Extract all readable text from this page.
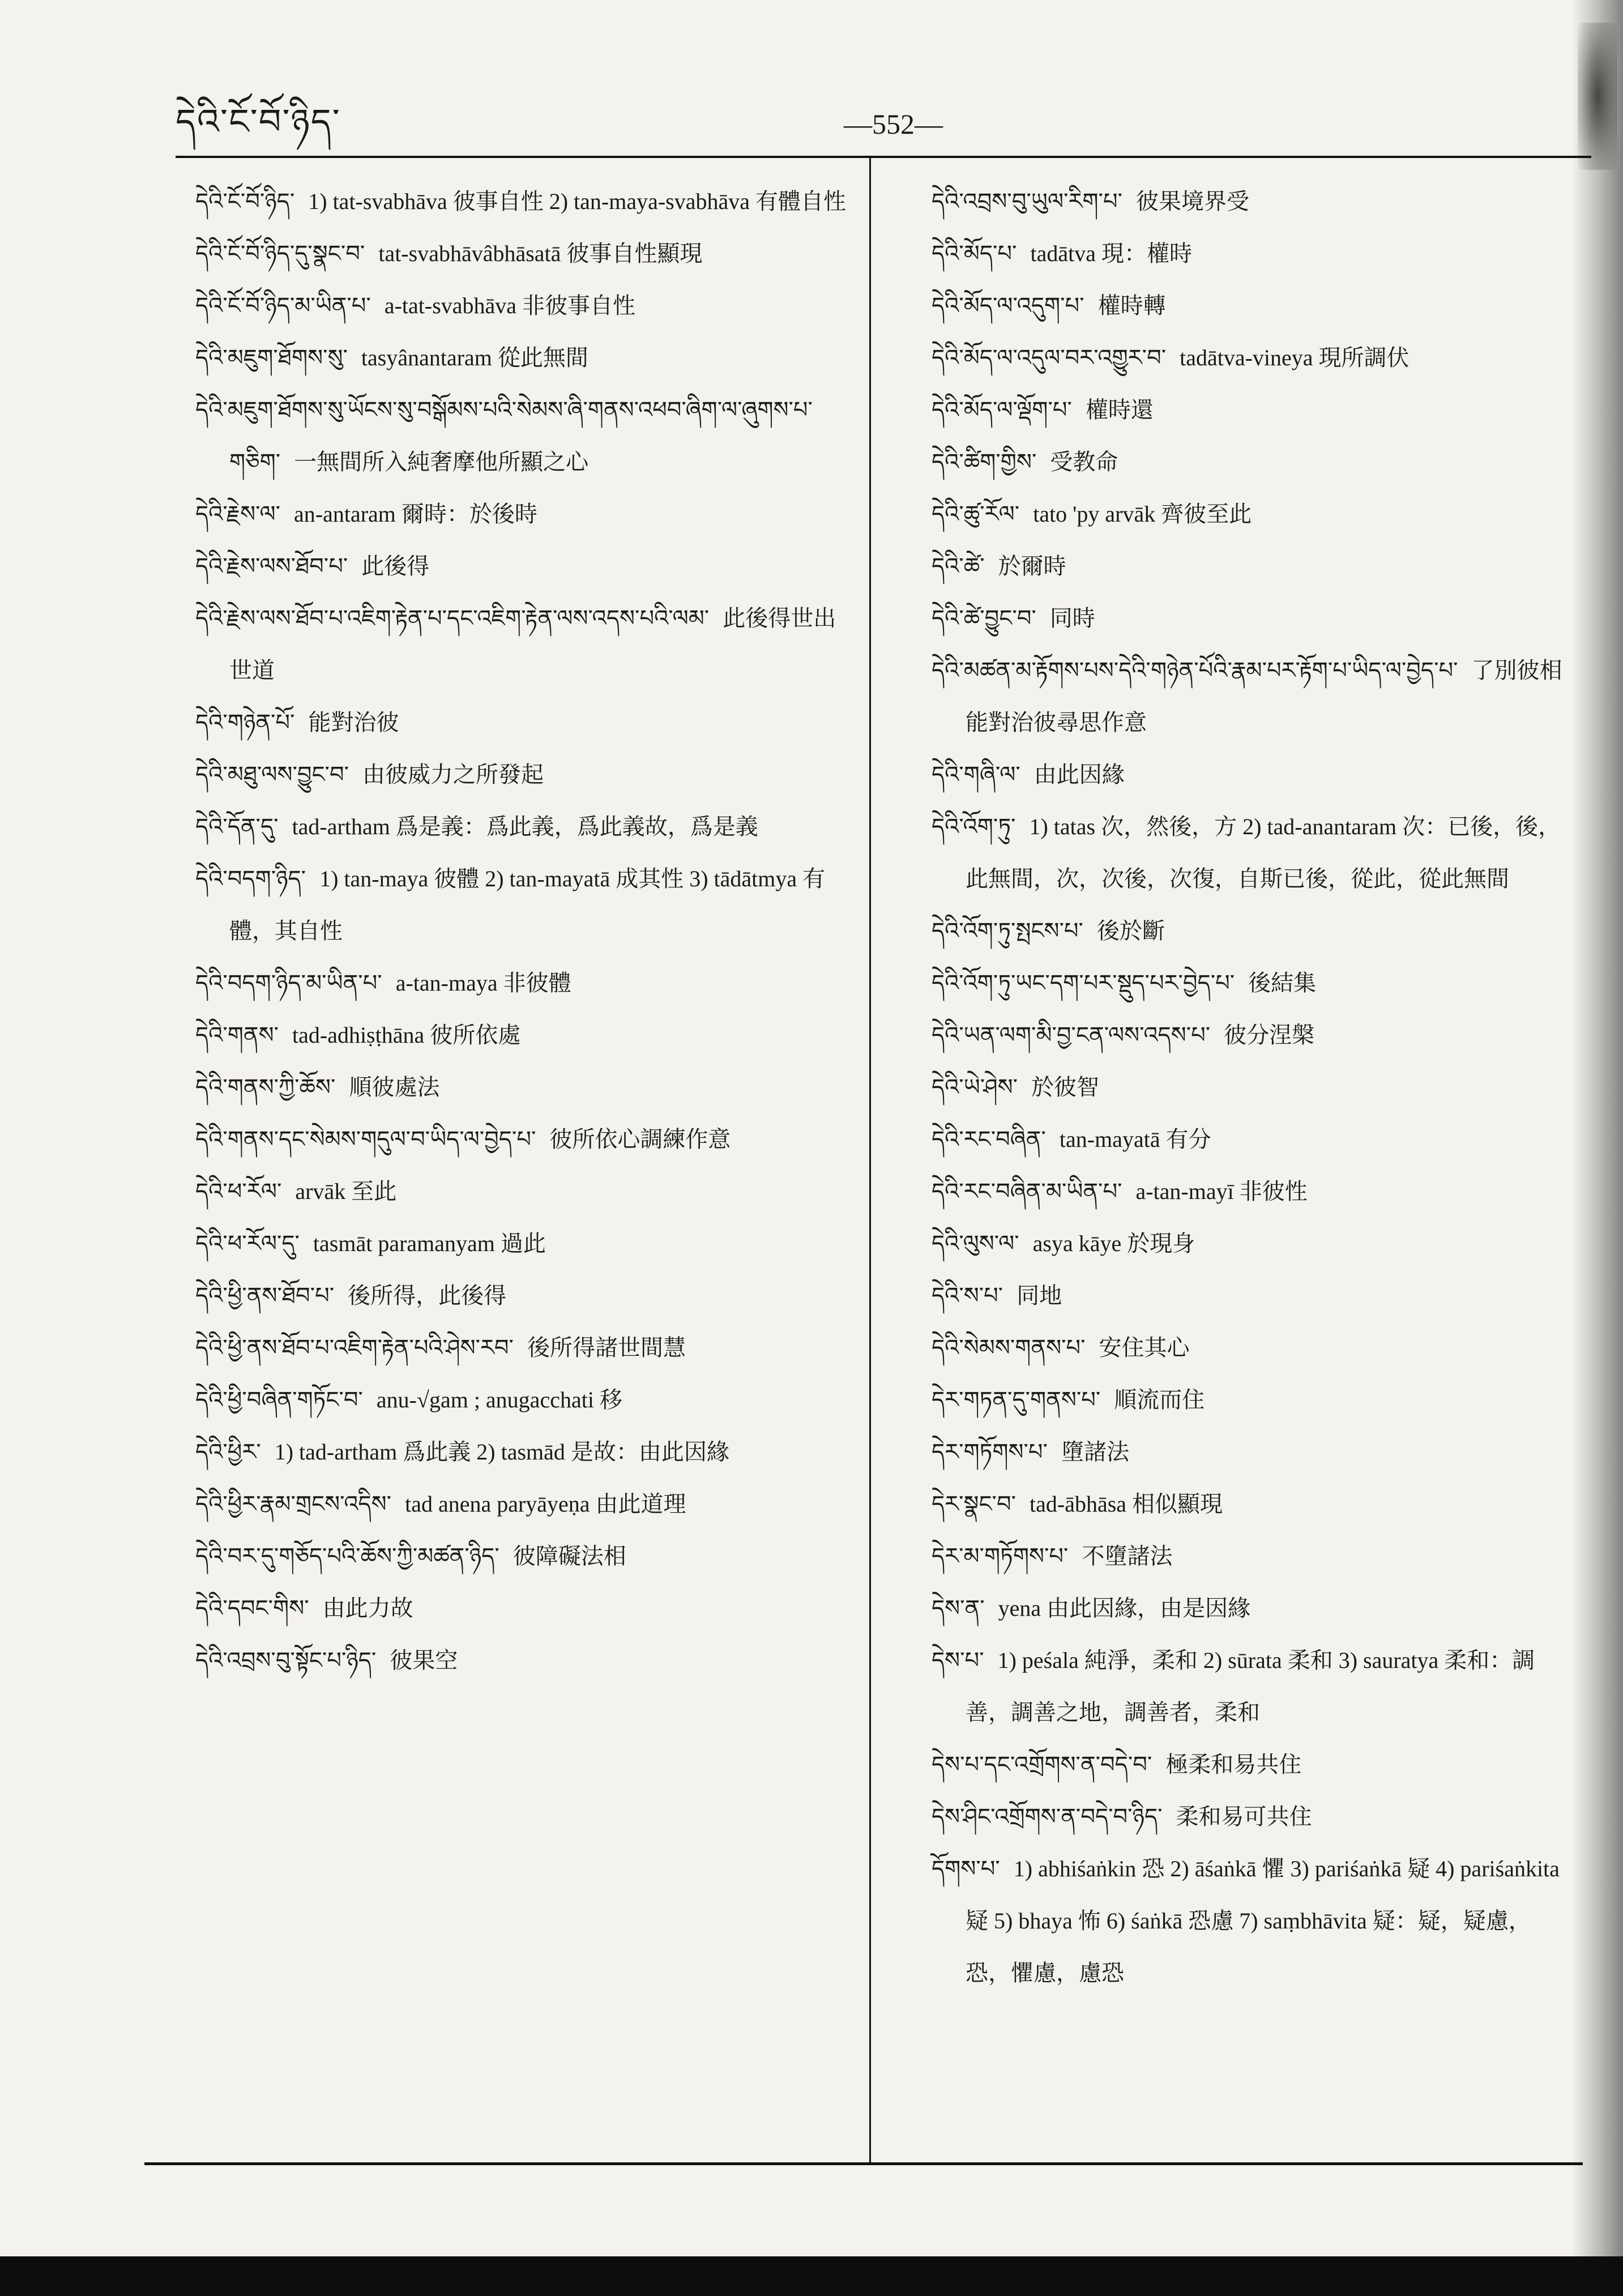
དེའི་ངོ་བོ་ཉིད་	—552—

དེའི་ངོ་བོ་ཉིད་ 1) tat-svabhāva 彼事自性 2) tan-maya-svabhāva 有體自性

དེའི་ངོ་བོ་ཉིད་དུ་སྣང་བ་ tat-svabhāvâbhāsatā 彼事自性顯現

དེའི་ངོ་བོ་ཉིད་མ་ཡིན་པ་ a-tat-svabhāva 非彼事自性

དེའི་མཇུག་ཐོགས་སུ་ tasyânantaram 從此無間

དེའི་མཇུག་ཐོགས་སུ་ཡོངས་སུ་བསྒོམས་པའི་སེམས་ཞི་གནས་འཕབ་ཞིག་ལ་ཞུགས་པ་གཅིག་ 一無間所入純奢摩他所顯之心

དེའི་རྗེས་ལ་ an-antaram 爾時：於後時

དེའི་རྗེས་ལས་ཐོབ་པ་ 此後得

དེའི་རྗེས་ལས་ཐོབ་པ་འཇིག་རྟེན་པ་དང་འཇིག་རྟེན་ལས་འདས་པའི་ལམ་ 此後得世出世道

དེའི་གཉེན་པོ་ 能對治彼

དེའི་མཐུ་ལས་བྱུང་བ་ 由彼威力之所發起

དེའི་དོན་དུ་ tad-artham 爲是義：爲此義，爲此義故，爲是義

དེའི་བདག་ཉིད་ 1) tan-maya 彼體 2) tan-mayatā 成其性 3) tādātmya 有體，其自性

དེའི་བདག་ཉིད་མ་ཡིན་པ་ a-tan-maya 非彼體

དེའི་གནས་ tad-adhiṣṭhāna 彼所依處

དེའི་གནས་ཀྱི་ཆོས་ 順彼處法

དེའི་གནས་དང་སེམས་གདུལ་བ་ཡིད་ལ་བྱེད་པ་ 彼所依心調練作意

དེའི་ཕ་རོལ་ arvāk 至此

དེའི་ཕ་རོལ་དུ་ tasmāt paramanyam 過此

དེའི་ཕྱི་ནས་ཐོབ་པ་ 後所得，此後得

དེའི་ཕྱི་ནས་ཐོབ་པ་འཇིག་རྟེན་པའི་ཤེས་རབ་ 後所得諸世間慧

དེའི་ཕྱི་བཞིན་གཏོང་བ་ anu-√gam ; anugacchati 移

དེའི་ཕྱིར་ 1) tad-artham 爲此義 2) tasmād 是故：由此因緣

དེའི་ཕྱིར་རྣམ་གྲངས་འདིས་ tad anena paryāyeṇa 由此道理

དེའི་བར་དུ་གཅོད་པའི་ཆོས་ཀྱི་མཚན་ཉིད་ 彼障礙法相

དེའི་དབང་གིས་ 由此力故

དེའི་འབྲས་བུ་སྟོང་པ་ཉིད་ 彼果空

དེའི་འབྲས་བུ་ཡུལ་རིག་པ་ 彼果境界受

དེའི་མོད་པ་ tadātva 現：權時

དེའི་མོད་ལ་འདུག་པ་ 權時轉

དེའི་མོད་ལ་འདུལ་བར་འགྱུར་བ་ tadātva-vineya 現所調伏

དེའི་མོད་ལ་ལྡོག་པ་ 權時還

དེའི་ཚིག་གྱིས་ 受教命

དེའི་ཚུ་རོལ་ tato 'py arvāk 齊彼至此

དེའི་ཚེ་ 於爾時

དེའི་ཚེ་བྱུང་བ་ 同時

དེའི་མཚན་མ་རྟོགས་པས་དེའི་གཉེན་པོའི་རྣམ་པར་རྟོག་པ་ཡིད་ལ་བྱེད་པ་ 了別彼相能對治彼尋思作意

དེའི་གཞི་ལ་ 由此因緣

དེའི་འོག་ཏུ་ 1) tatas 次，然後，方 2) tad-anantaram 次：已後，後，此無間，次，次後，次復，自斯已後，從此，從此無間

དེའི་འོག་ཏུ་སྤངས་པ་ 後於斷

དེའི་འོག་ཏུ་ཡང་དག་པར་སྡུད་པར་བྱེད་པ་ 後結集

དེའི་ཡན་ལག་མི་བྱ་ངན་ལས་འདས་པ་ 彼分涅槃

དེའི་ཡེ་ཤེས་ 於彼智

དེའི་རང་བཞིན་ tan-mayatā 有分

དེའི་རང་བཞིན་མ་ཡིན་པ་ a-tan-mayī 非彼性

དེའི་ལུས་ལ་ asya kāye 於現身

དེའི་ས་པ་ 同地

དེའི་སེམས་གནས་པ་ 安住其心

དེར་གཏན་དུ་གནས་པ་ 順流而住

དེར་གཏོགས་པ་ 墮諸法

དེར་སྣང་བ་ tad-ābhāsa 相似顯現

དེར་མ་གཏོགས་པ་ 不墮諸法

དེས་ན་ yena 由此因緣，由是因緣

དེས་པ་ 1) peśala 純淨，柔和 2) sūrata 柔和 3) sauratya 柔和：調善，調善之地，調善者，柔和

དེས་པ་དང་འགྲོགས་ན་བདེ་བ་ 極柔和易共住

དེས་ཤིང་འགྲོགས་ན་བདེ་བ་ཉིད་ 柔和易可共住

དོགས་པ་ 1) abhiśaṅkin 恐 2) āśaṅkā 懼 3) pariśaṅkā 疑 4) pariśaṅkita 疑 5) bhaya 怖 6) śaṅkā 恐慮 7) saṃbhāvita 疑：疑，疑慮，恐，懼慮，慮恐
